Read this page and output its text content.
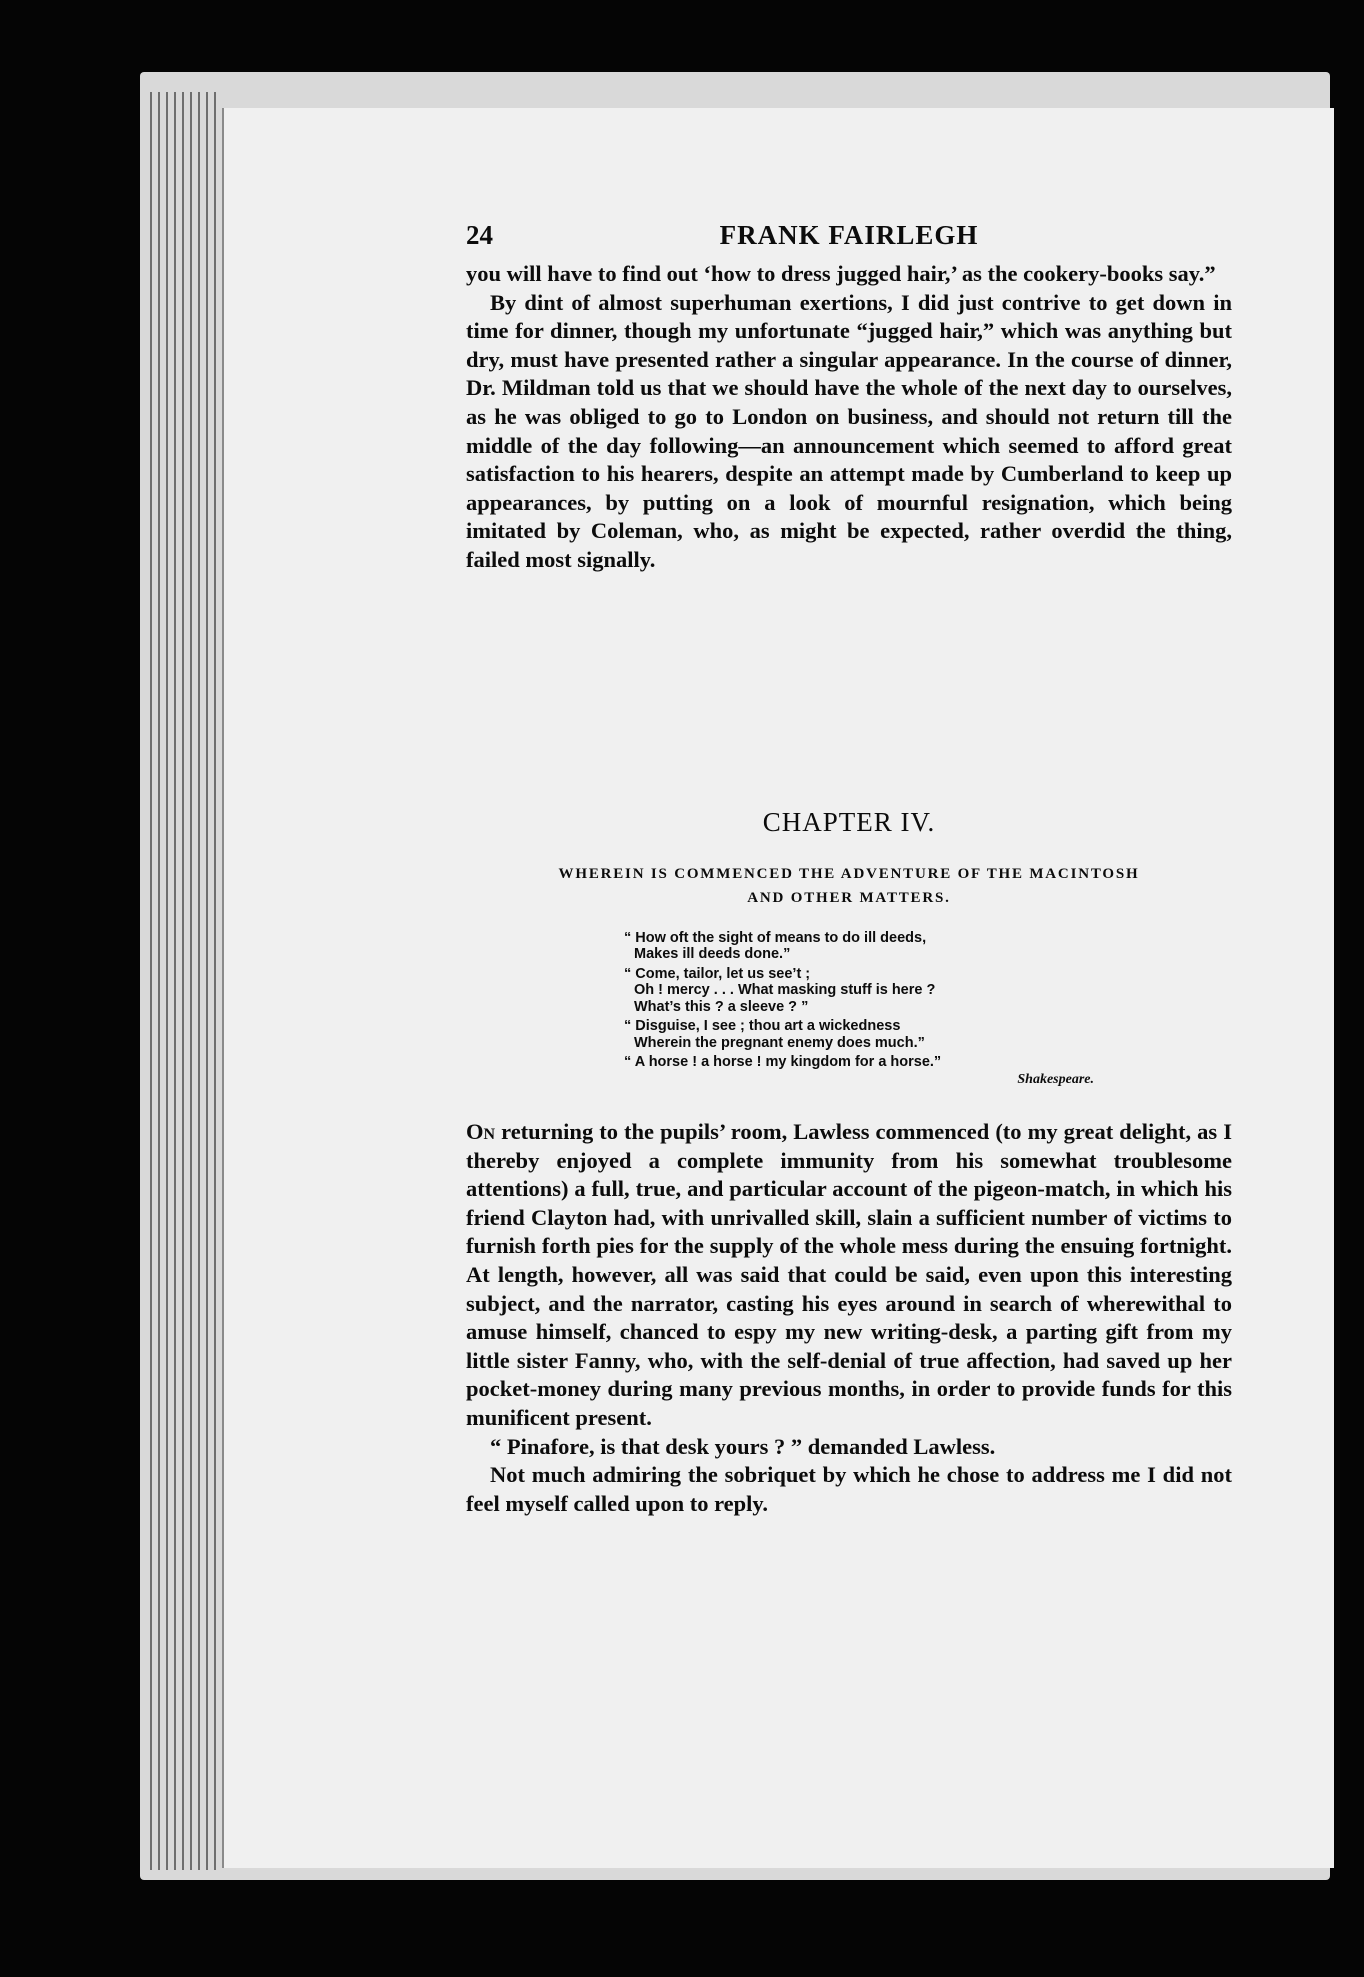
24	FRANK FAIRLEGH

you will have to find out ‘how to dress jugged hair,’ as the cookery-books say.”

By dint of almost superhuman exertions, I did just contrive to get down in time for dinner, though my unfortunate “jugged hair,” which was anything but dry, must have presented rather a singular appearance. In the course of dinner, Dr. Mildman told us that we should have the whole of the next day to ourselves, as he was obliged to go to London on business, and should not return till the middle of the day following—an announcement which seemed to afford great satisfaction to his hearers, despite an attempt made by Cumberland to keep up appearances, by putting on a look of mournful resignation, which being imitated by Coleman, who, as might be expected, rather overdid the thing, failed most signally.

CHAPTER IV.
WHEREIN IS COMMENCED THE ADVENTURE OF THE MACINTOSH
AND OTHER MATTERS.
“ How oft the sight of means to do ill deeds,
Makes ill deeds done.”
“ Come, tailor, let us see’t ;
Oh ! mercy . . . What masking stuff is here ?
What’s this ? a sleeve ? ”
“ Disguise, I see ; thou art a wickedness
Wherein the pregnant enemy does much.”
“ A horse ! a horse ! my kingdom for a horse.”
Shakespeare.

On returning to the pupils’ room, Lawless commenced (to my great delight, as I thereby enjoyed a complete immunity from his somewhat troublesome attentions) a full, true, and particular account of the pigeon-match, in which his friend Clayton had, with unrivalled skill, slain a sufficient number of victims to furnish forth pies for the supply of the whole mess during the ensuing fortnight. At length, however, all was said that could be said, even upon this interesting subject, and the narrator, casting his eyes around in search of wherewithal to amuse himself, chanced to espy my new writing-desk, a parting gift from my little sister Fanny, who, with the self-denial of true affection, had saved up her pocket-money during many previous months, in order to provide funds for this munificent present.

“ Pinafore, is that desk yours ? ” demanded Lawless.

Not much admiring the sobriquet by which he chose to address me I did not feel myself called upon to reply.
